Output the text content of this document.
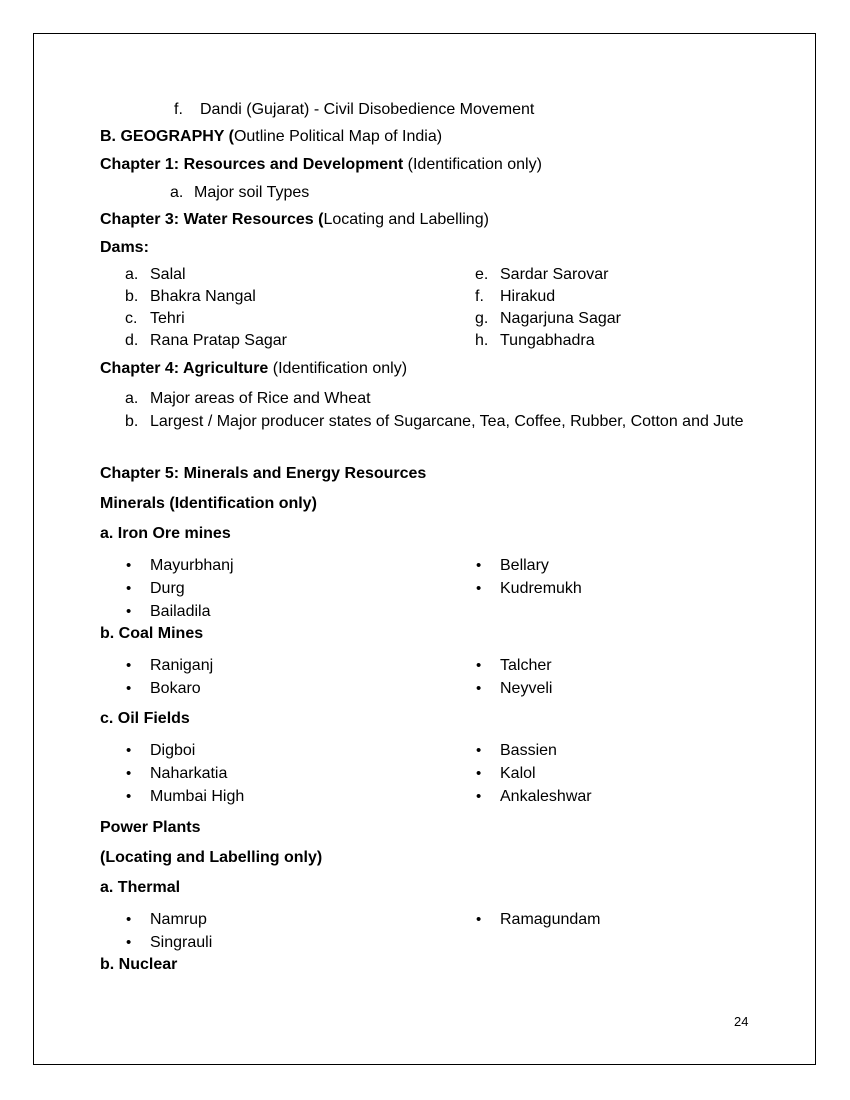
f. Dandi (Gujarat) - Civil Disobedience Movement
B. GEOGRAPHY (Outline Political Map of India)
Chapter 1: Resources and Development (Identification only)
a. Major soil Types
Chapter 3: Water Resources (Locating and Labelling)
Dams:
a. Salal
b. Bhakra Nangal
c. Tehri
d. Rana Pratap Sagar
e. Sardar Sarovar
f. Hirakud
g. Nagarjuna Sagar
h. Tungabhadra
Chapter 4: Agriculture (Identification only)
a. Major areas of Rice and Wheat
b. Largest / Major producer states of Sugarcane, Tea, Coffee, Rubber, Cotton and Jute
Chapter 5: Minerals and Energy Resources
Minerals (Identification only)
a. Iron Ore mines
• Mayurbhanj
• Durg
• Bailadila
• Bellary
• Kudremukh
b. Coal Mines
• Raniganj
• Bokaro
• Talcher
• Neyveli
c. Oil Fields
• Digboi
• Naharkatia
• Mumbai High
• Bassien
• Kalol
• Ankaleshwar
Power Plants
(Locating and Labelling only)
a. Thermal
• Namrup
• Singrauli
• Ramagundam
b. Nuclear
24
